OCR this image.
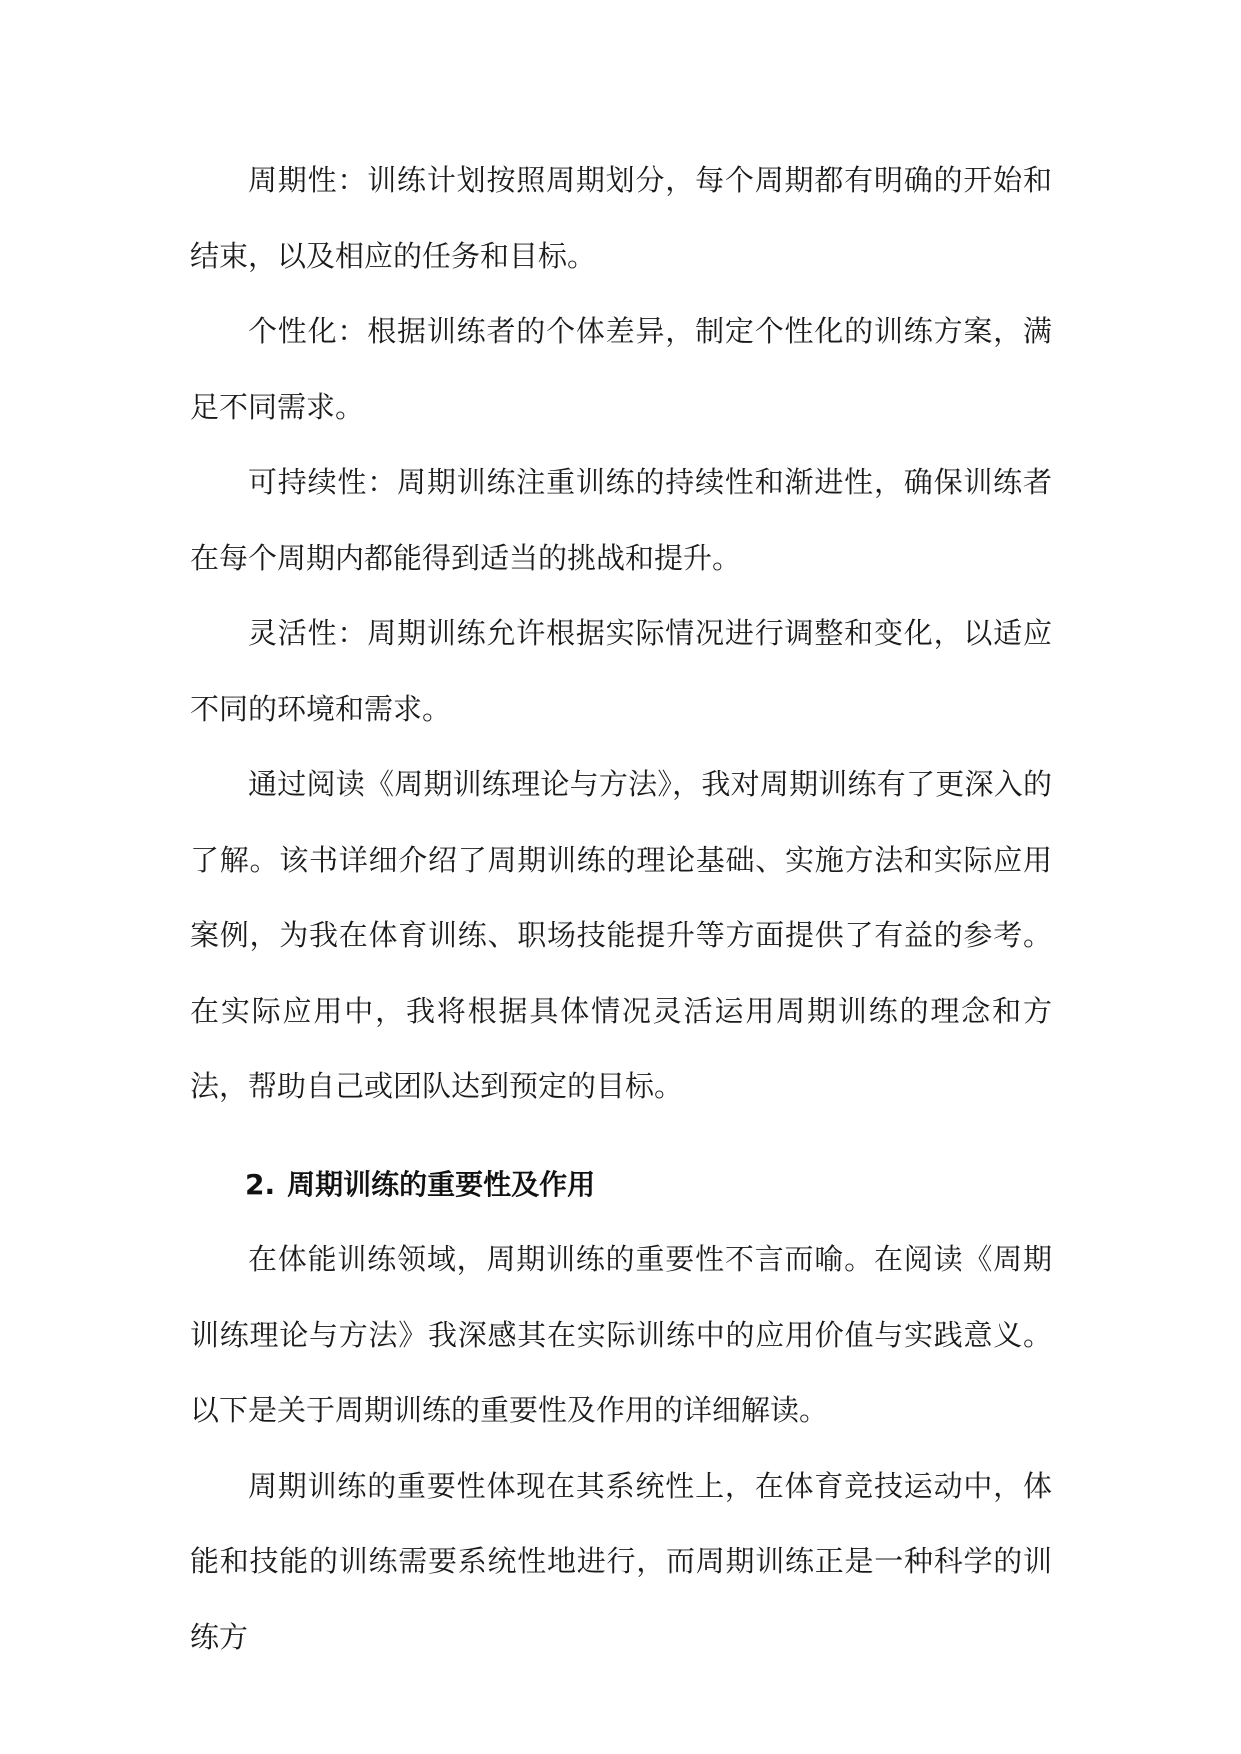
周期性：训练计划按照周期划分，每个周期都有明确的开始和结束，以及相应的任务和目标。

个性化：根据训练者的个体差异，制定个性化的训练方案，满足不同需求。

可持续性：周期训练注重训练的持续性和渐进性，确保训练者在每个周期内都能得到适当的挑战和提升。

灵活性：周期训练允许根据实际情况进行调整和变化，以适应不同的环境和需求。

通过阅读《周期训练理论与方法》，我对周期训练有了更深入的了解。该书详细介绍了周期训练的理论基础、实施方法和实际应用案例，为我在体育训练、职场技能提升等方面提供了有益的参考。在实际应用中，我将根据具体情况灵活运用周期训练的理念和方法，帮助自己或团队达到预定的目标。

2. 周期训练的重要性及作用

在体能训练领域，周期训练的重要性不言而喻。在阅读《周期训练理论与方法》我深感其在实际训练中的应用价值与实践意义。以下是关于周期训练的重要性及作用的详细解读。

周期训练的重要性体现在其系统性上，在体育竞技运动中，体能和技能的训练需要系统性地进行，而周期训练正是一种科学的训练方
